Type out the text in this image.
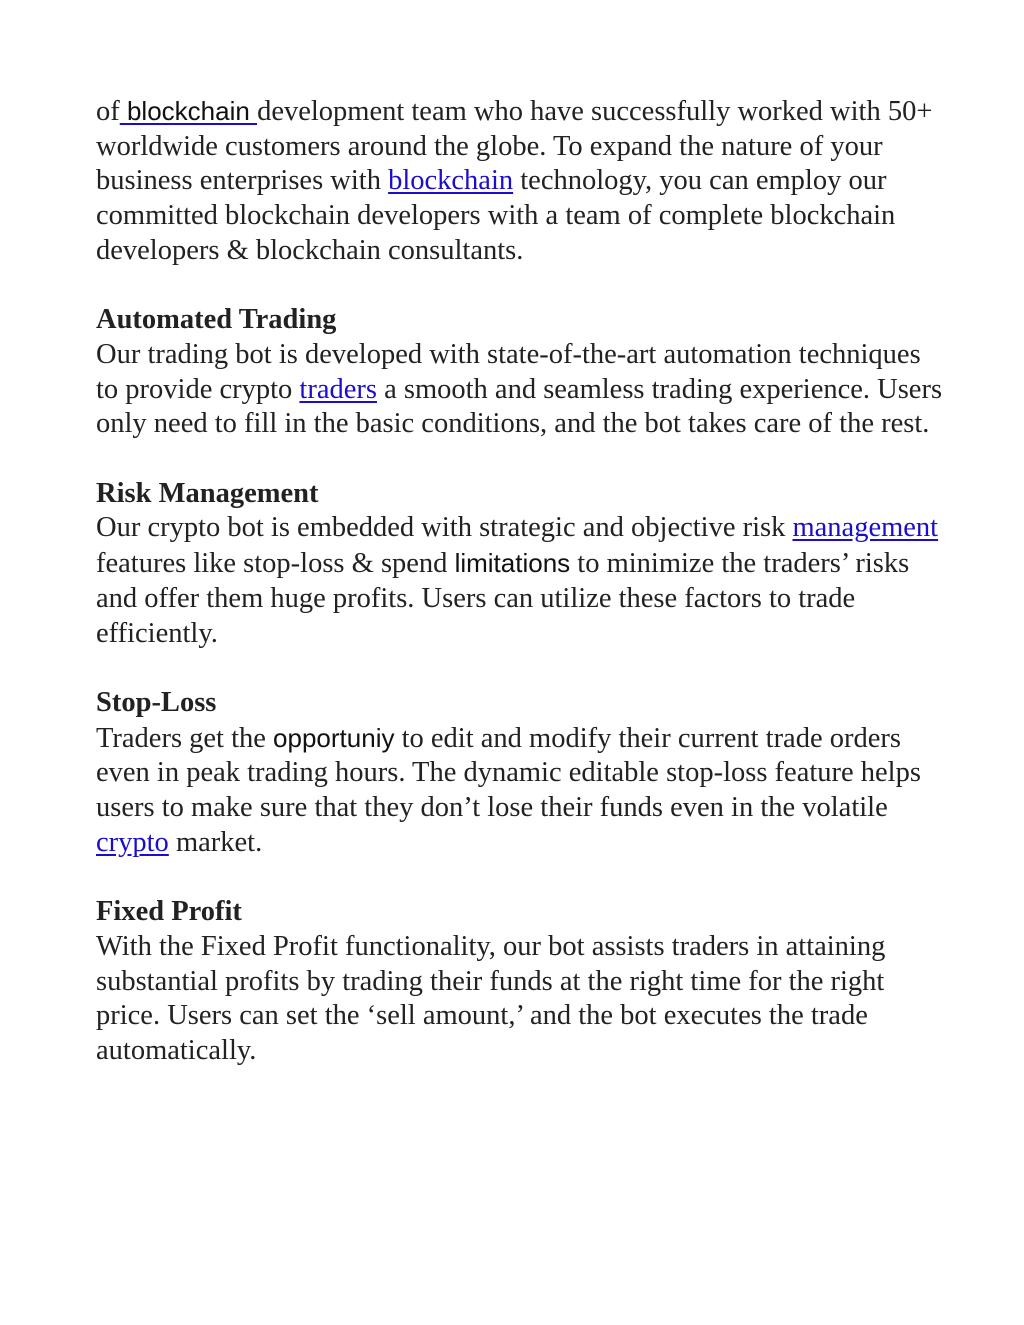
of blockchain development team who have successfully worked with 50+ worldwide customers around the globe. To expand the nature of your business enterprises with blockchain technology, you can employ our committed blockchain developers with a team of complete blockchain developers & blockchain consultants.

Automated Trading

Our trading bot is developed with state-of-the-art automation techniques to provide crypto traders a smooth and seamless trading experience. Users only need to fill in the basic conditions, and the bot takes care of the rest.

Risk Management

Our crypto bot is embedded with strategic and objective risk management features like stop-loss & spend limitations to minimize the traders’ risks and offer them huge profits. Users can utilize these factors to trade efficiently.

Stop-Loss

Traders get the opportuniy to edit and modify their current trade orders even in peak trading hours. The dynamic editable stop-loss feature helps users to make sure that they don’t lose their funds even in the volatile crypto market.

Fixed Profit

With the Fixed Profit functionality, our bot assists traders in attaining substantial profits by trading their funds at the right time for the right price. Users can set the ‘sell amount,’ and the bot executes the trade automatically.
